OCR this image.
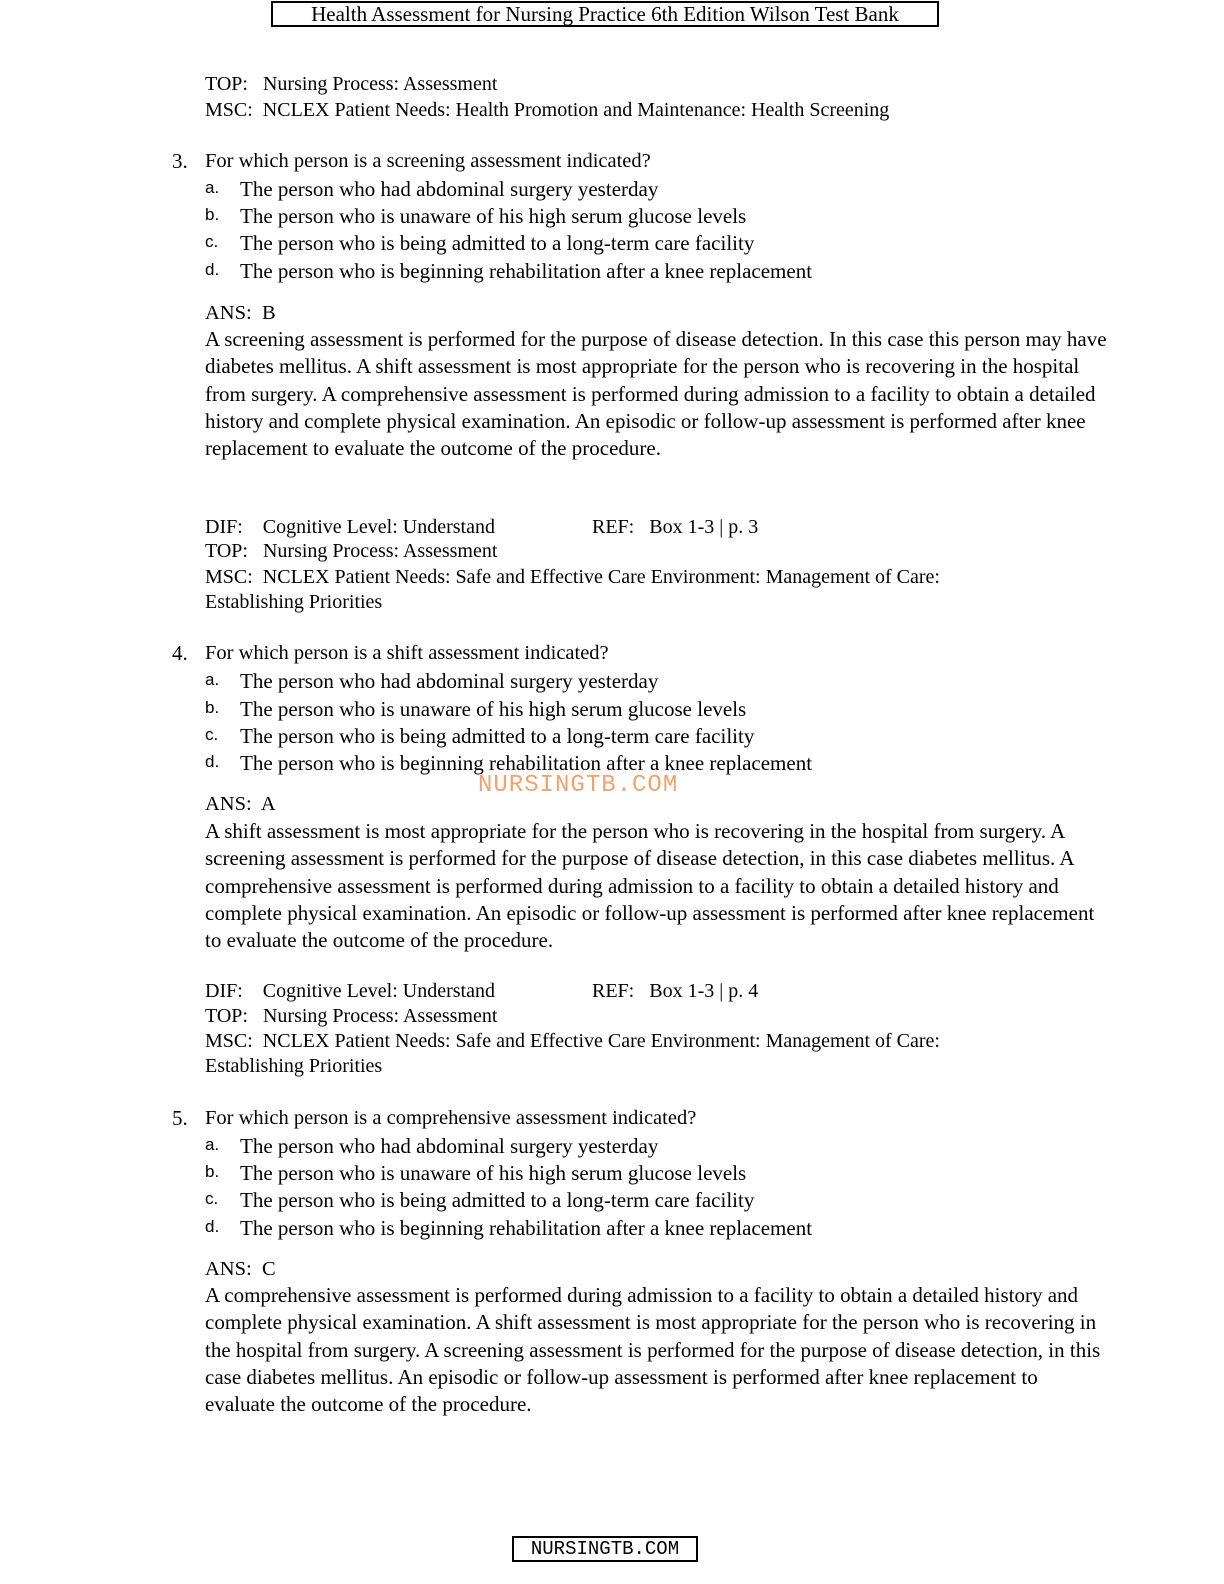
Health Assessment for Nursing Practice 6th Edition Wilson Test Bank
TOP:   Nursing Process: Assessment
MSC:  NCLEX Patient Needs: Health Promotion and Maintenance: Health Screening
3. For which person is a screening assessment indicated?
a. The person who had abdominal surgery yesterday
b. The person who is unaware of his high serum glucose levels
c. The person who is being admitted to a long-term care facility
d. The person who is beginning rehabilitation after a knee replacement
ANS:  B
A screening assessment is performed for the purpose of disease detection. In this case this person may have diabetes mellitus. A shift assessment is most appropriate for the person who is recovering in the hospital from surgery. A comprehensive assessment is performed during admission to a facility to obtain a detailed history and complete physical examination. An episodic or follow-up assessment is performed after knee replacement to evaluate the outcome of the procedure.
DIF:    Cognitive Level: Understand	REF:   Box 1-3 | p. 3
TOP:   Nursing Process: Assessment
MSC:  NCLEX Patient Needs: Safe and Effective Care Environment: Management of Care:
Establishing Priorities
4. For which person is a shift assessment indicated?
a. The person who had abdominal surgery yesterday
b. The person who is unaware of his high serum glucose levels
c. The person who is being admitted to a long-term care facility
d. The person who is beginning rehabilitation after a knee replacement
ANS:  A
A shift assessment is most appropriate for the person who is recovering in the hospital from surgery. A screening assessment is performed for the purpose of disease detection, in this case diabetes mellitus. A comprehensive assessment is performed during admission to a facility to obtain a detailed history and complete physical examination. An episodic or follow-up assessment is performed after knee replacement to evaluate the outcome of the procedure.
DIF:    Cognitive Level: Understand	REF:   Box 1-3 | p. 4
TOP:   Nursing Process: Assessment
MSC:  NCLEX Patient Needs: Safe and Effective Care Environment: Management of Care:
Establishing Priorities
5. For which person is a comprehensive assessment indicated?
a. The person who had abdominal surgery yesterday
b. The person who is unaware of his high serum glucose levels
c. The person who is being admitted to a long-term care facility
d. The person who is beginning rehabilitation after a knee replacement
ANS:  C
A comprehensive assessment is performed during admission to a facility to obtain a detailed history and complete physical examination. A shift assessment is most appropriate for the person who is recovering in the hospital from surgery. A screening assessment is performed for the purpose of disease detection, in this case diabetes mellitus. An episodic or follow-up assessment is performed after knee replacement to evaluate the outcome of the procedure.
NURSINGTB.COM
NURSINGTB.COM
